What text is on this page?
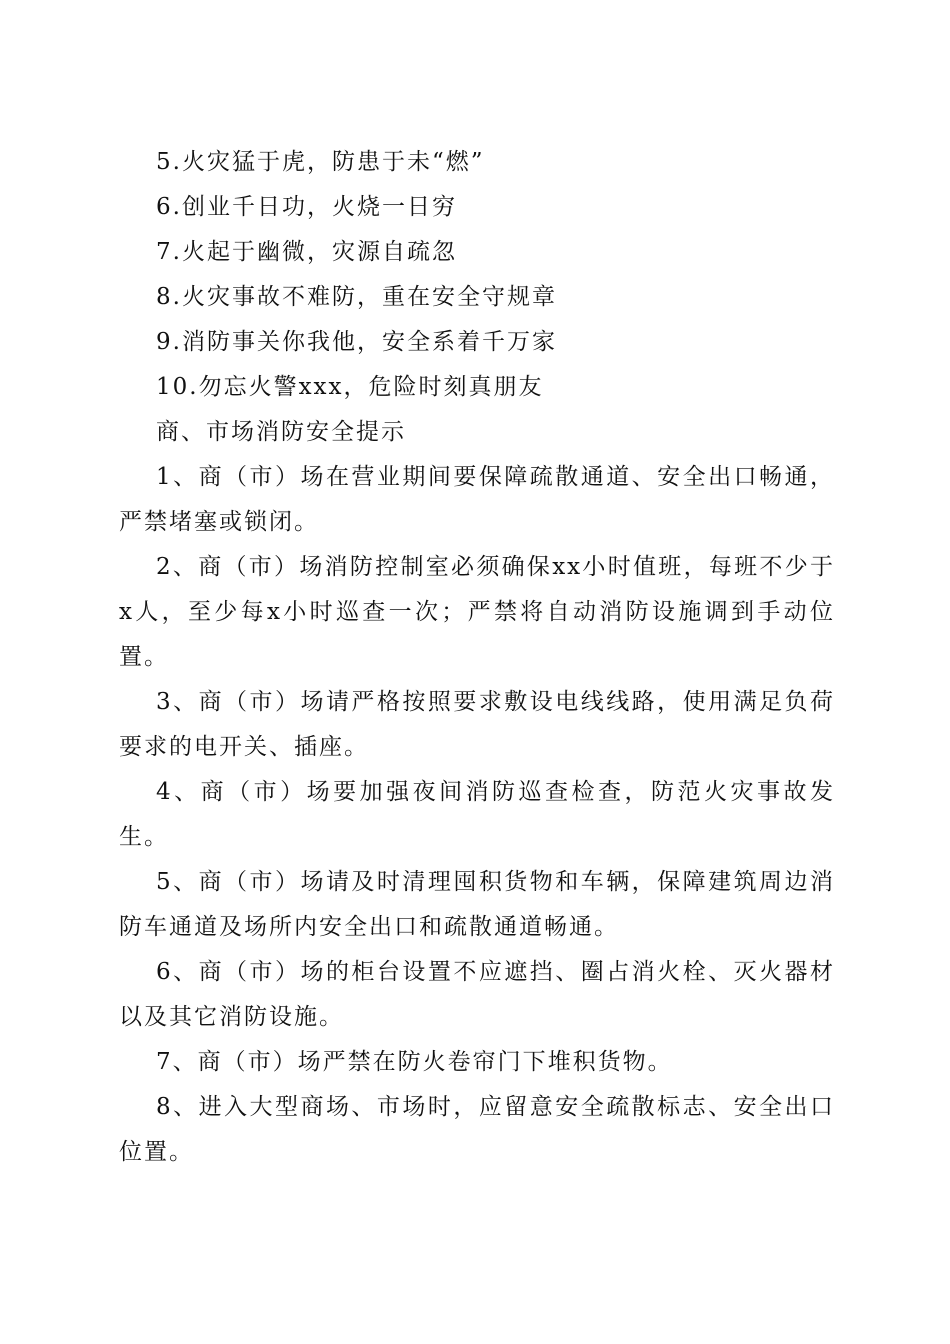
5.火灾猛于虎，防患于未“燃”
6.创业千日功，火烧一日穷
7.火起于幽微，灾源自疏忽
8.火灾事故不难防，重在安全守规章
9.消防事关你我他，安全系着千万家
10.勿忘火警xxx，危险时刻真朋友
商、市场消防安全提示

1、商（市）场在营业期间要保障疏散通道、安全出口畅通，严禁堵塞或锁闭。

2、商（市）场消防控制室必须确保xx小时值班，每班不少于x人，至少每x小时巡查一次；严禁将自动消防设施调到手动位置。

3、商（市）场请严格按照要求敷设电线线路，使用满足负荷要求的电开关、插座。

4、商（市）场要加强夜间消防巡查检查，防范火灾事故发生。

5、商（市）场请及时清理囤积货物和车辆，保障建筑周边消防车通道及场所内安全出口和疏散通道畅通。

6、商（市）场的柜台设置不应遮挡、圈占消火栓、灭火器材以及其它消防设施。

7、商（市）场严禁在防火卷帘门下堆积货物。

8、进入大型商场、市场时，应留意安全疏散标志、安全出口位置。
